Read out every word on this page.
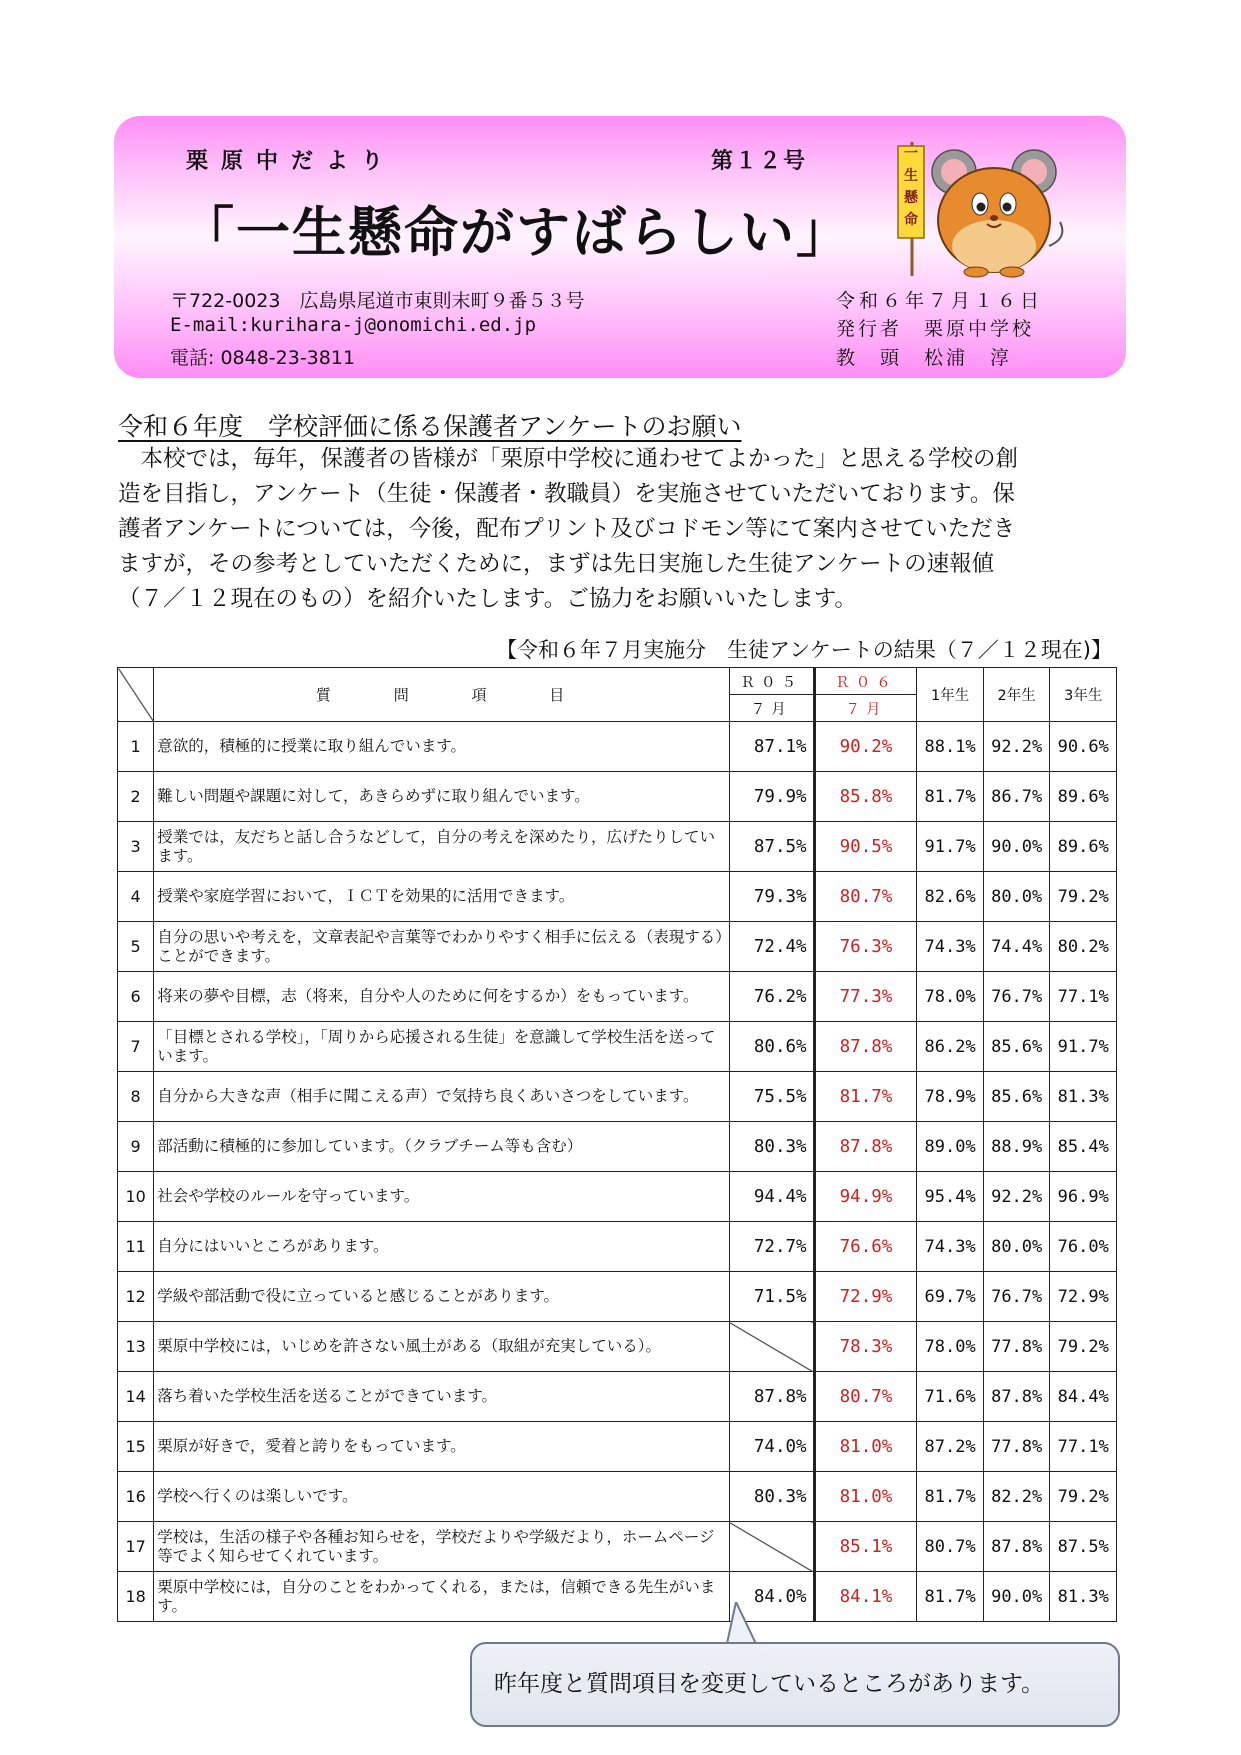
栗原中だより	第１２号
「一生懸命がすばらしい」
〒722-0023　広島県尾道市東則末町９番５３号
E-mail:kurihara-j@onomichi.ed.jp
電話: 0848-23-3811
令和６年７月１６日
発行者　栗原中学校
教　頭　松浦　淳
一
生
懸
命
令和６年度　学校評価に係る保護者アンケートのお願い

　本校では，毎年，保護者の皆様が「栗原中学校に通わせてよかった」と思える学校の創

造を目指し，アンケート（生徒・保護者・教職員）を実施させていただいております。保

護者アンケートについては，今後，配布プリント及びコドモン等にて案内させていただき

ますが，その参考としていただくために，まずは先日実施した生徒アンケートの速報値

（７／１２現在のもの）を紹介いたします。ご協力をお願いいたします。

【令和６年７月実施分　生徒アンケートの結果（７／１２現在)】
	質 問 項 目	Ｒ０５	Ｒ０６	1年生	2年生	3年生
		７月	７月			
1	意欲的，積極的に授業に取り組んでいます。	87.1%	90.2%	88.1%	92.2%	90.6%
2	難しい問題や課題に対して，あきらめずに取り組んでいます。	79.9%	85.8%	81.7%	86.7%	89.6%
3	授業では，友だちと話し合うなどして，自分の考えを深めたり，広げたりしています。	87.5%	90.5%	91.7%	90.0%	89.6%
4	授業や家庭学習において，ＩＣＴを効果的に活用できます。	79.3%	80.7%	82.6%	80.0%	79.2%
5	自分の思いや考えを，文章表記や言葉等でわかりやすく相手に伝える（表現する）ことができます。	72.4%	76.3%	74.3%	74.4%	80.2%
6	将来の夢や目標，志（将来，自分や人のために何をするか）をもっています。	76.2%	77.3%	78.0%	76.7%	77.1%
7	「目標とされる学校」，「周りから応援される生徒」を意識して学校生活を送っています。	80.6%	87.8%	86.2%	85.6%	91.7%
8	自分から大きな声（相手に聞こえる声）で気持ち良くあいさつをしています。	75.5%	81.7%	78.9%	85.6%	81.3%
9	部活動に積極的に参加しています。（クラブチーム等も含む）	80.3%	87.8%	89.0%	88.9%	85.4%
10	社会や学校のルールを守っています。	94.4%	94.9%	95.4%	92.2%	96.9%
11	自分にはいいところがあります。	72.7%	76.6%	74.3%	80.0%	76.0%
12	学級や部活動で役に立っていると感じることがあります。	71.5%	72.9%	69.7%	76.7%	72.9%
13	栗原中学校には，いじめを許さない風土がある（取組が充実している）。		78.3%	78.0%	77.8%	79.2%
14	落ち着いた学校生活を送ることができています。	87.8%	80.7%	71.6%	87.8%	84.4%
15	栗原が好きで，愛着と誇りをもっています。	74.0%	81.0%	87.2%	77.8%	77.1%
16	学校へ行くのは楽しいです。	80.3%	81.0%	81.7%	82.2%	79.2%
17	学校は，生活の様子や各種お知らせを，学校だよりや学級だより，ホームページ等でよく知らせてくれています。		85.1%	80.7%	87.8%	87.5%
18	栗原中学校には，自分のことをわかってくれる，または，信頼できる先生がいます。	84.0%	84.1%	81.7%	90.0%	81.3%
昨年度と質問項目を変更しているところがあります。
